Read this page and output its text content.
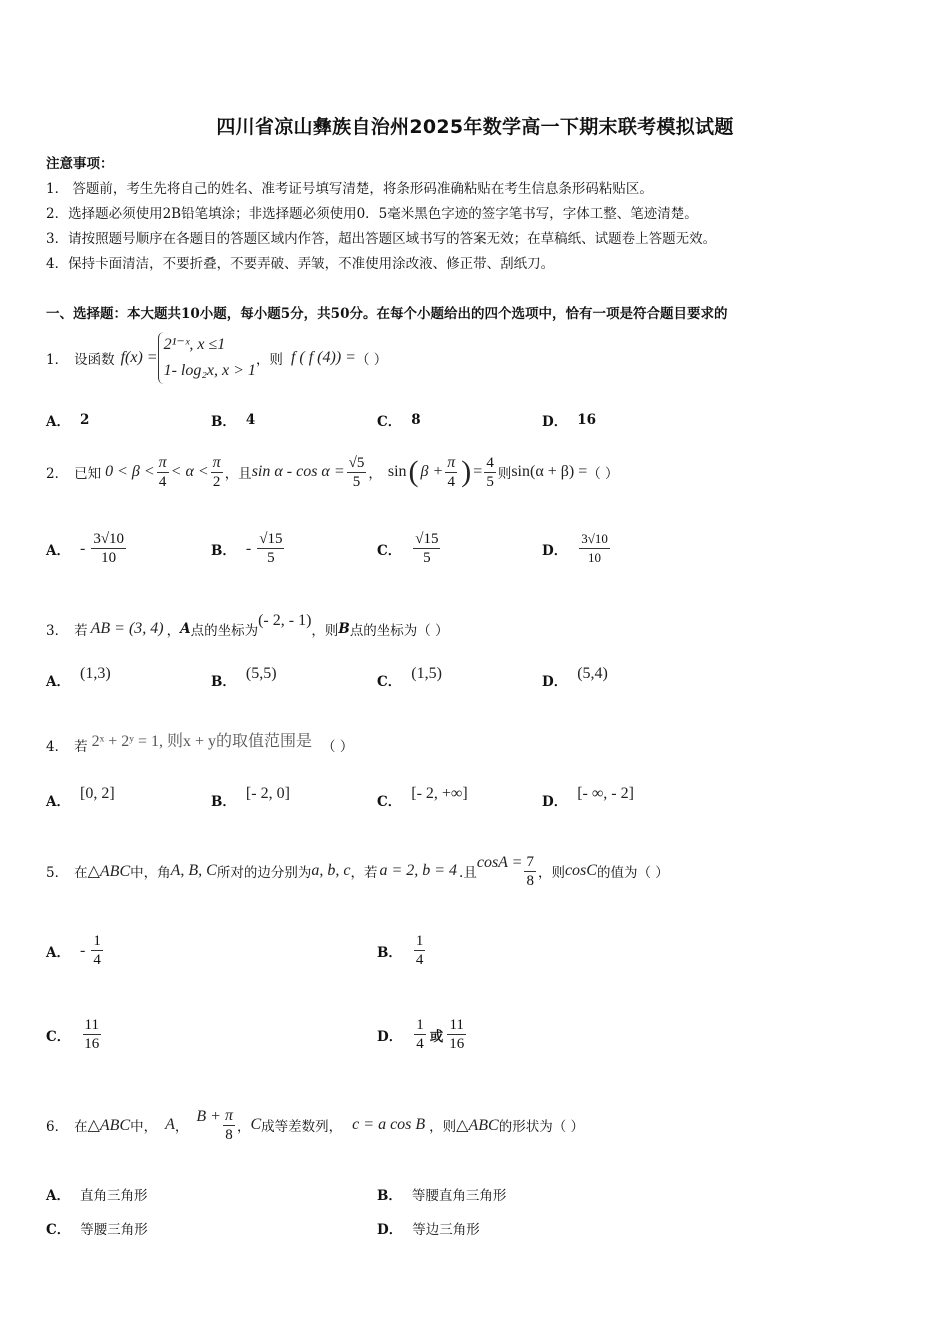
四川省凉山彝族自治州2025年数学高一下期末联考模拟试题
注意事项：
1． 答题前，考生先将自己的姓名、准考证号填写清楚，将条形码准确粘贴在考生信息条形码粘贴区。
2．选择题必须使用2B铅笔填涂；非选择题必须使用0．5毫米黑色字迹的签字笔书写，字体工整、笔迹清楚。
3．请按照题号顺序在各题目的答题区域内作答，超出答题区域书写的答案无效；在草稿纸、试题卷上答题无效。
4．保持卡面清洁，不要折叠，不要弄破、弄皱，不准使用涂改液、修正带、刮纸刀。
一、选择题：本大题共10小题，每小题5分，共50分。在每个小题给出的四个选项中，恰有一项是符合题目要求的
1． 设函数 f(x) =
2¹⁻ˣ, x ≤1
1- log₂x, x > 1
，则 f ( f (4)) = （ ）
A． 2	B． 4	C． 8	D． 16
2． 已知 $0 < \beta < \frac{\pi}{4} < \alpha < \frac{\pi}{2}$ ，且 $\sin \alpha - \cos \alpha = \frac{√5}{5}$ ， sin ( $\beta + \frac{\pi}{4}$ ) = $\frac{4}{5}$ 则 sin(α + β) = （ ）
A． - $\frac{3√10}{10}$	B． - $\frac{√15}{5}$	C． $\frac{√15}{5}$	D． $\frac{3√10}{10}$
3． 若 AB = (3, 4) ， A 点的坐标为
(- 2, - 1)
，则 B 点的坐标为（ ）
A． (1,3)	B． (5,5)	C． (1,5)	D． (5,4)
4． 若 2ˣ + 2ʸ = 1, 则x + y的取值范围是 （ ）
A． [0, 2]	B． [- 2, 0]	C． [- 2, +∞]	D． [- ∞, - 2]
5． 在 △ABC 中，角 A, B, C 所对的边分别为 a, b, c ，若 a = 2, b = 4 .且
$\cos A = \frac{7}{8}$ ，则 cosC 的值为（ ）
A． - $\frac{1}{4}$	B． $\frac{1}{4}$
C． $\frac{11}{16}$	D． $\frac{1}{4}$ 或 $\frac{11}{16}$
6． 在 △ABC 中， A ，
$B + \frac{\pi}{8}$ ， C 成等差数列， c = a cos B ，则 △ABC 的形状为（ ）
A． 直角三角形	B． 等腰直角三角形
C． 等腰三角形	D． 等边三角形
